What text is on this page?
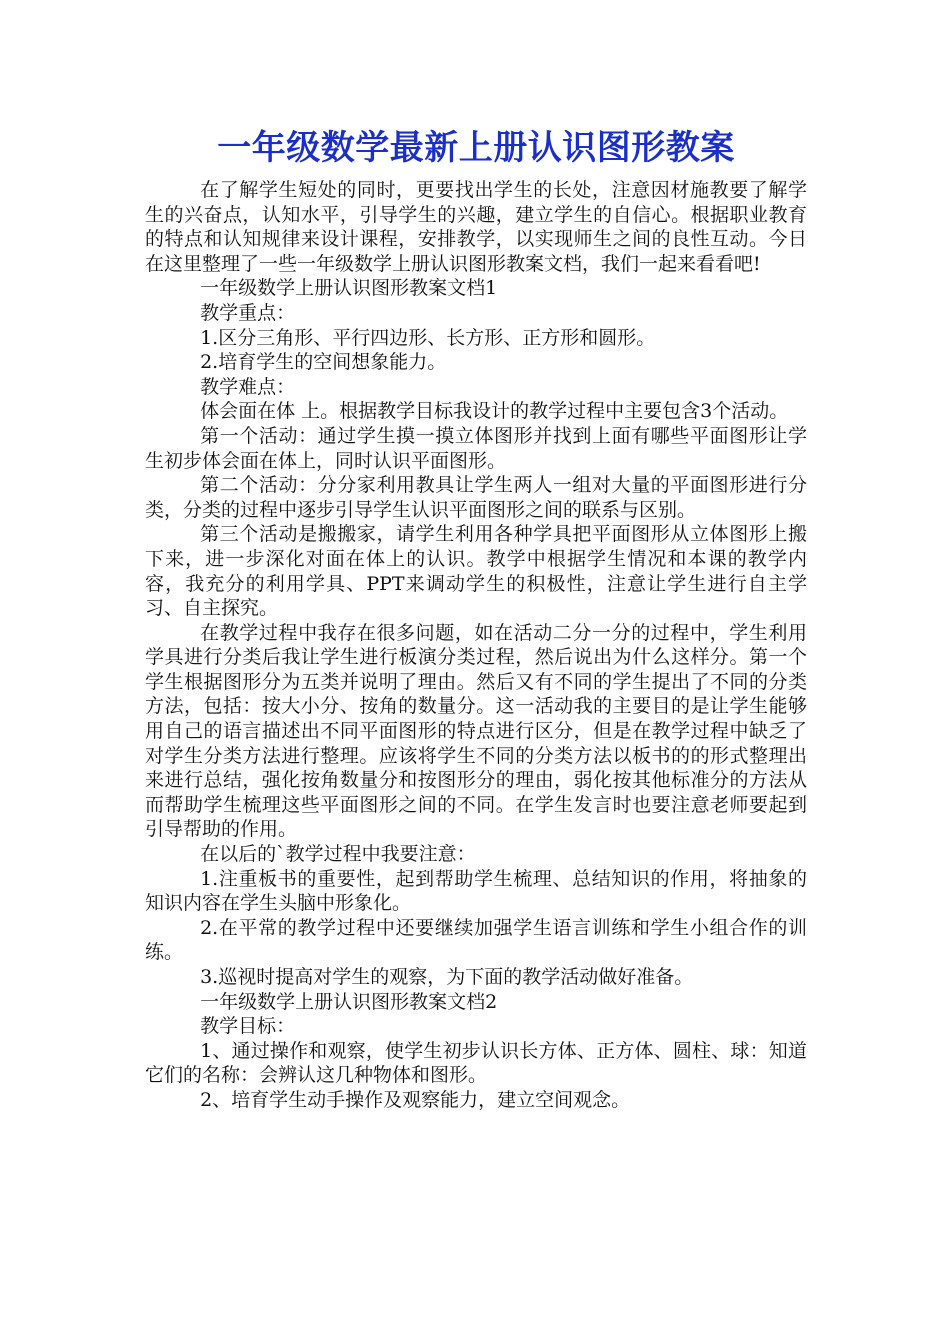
一年级数学最新上册认识图形教案

在了解学生短处的同时，更要找出学生的长处，注意因材施教要了解学生的兴奋点，认知水平，引导学生的兴趣，建立学生的自信心。根据职业教育的特点和认知规律来设计课程，安排教学，以实现师生之间的良性互动。今日在这里整理了一些一年级数学上册认识图形教案文档，我们一起来看看吧!

一年级数学上册认识图形教案文档1

教学重点：

1.区分三角形、平行四边形、长方形、正方形和圆形。

2.培育学生的空间想象能力。

教学难点：

体会面在体 上。根据教学目标我设计的教学过程中主要包含3个活动。

第一个活动：通过学生摸一摸立体图形并找到上面有哪些平面图形让学生初步体会面在体上，同时认识平面图形。

第二个活动：分分家利用教具让学生两人一组对大量的平面图形进行分类，分类的过程中逐步引导学生认识平面图形之间的联系与区别。

第三个活动是搬搬家，请学生利用各种学具把平面图形从立体图形上搬下来，进一步深化对面在体上的认识。教学中根据学生情况和本课的教学内容，我充分的利用学具、PPT来调动学生的积极性，注意让学生进行自主学习、自主探究。

在教学过程中我存在很多问题，如在活动二分一分的过程中，学生利用学具进行分类后我让学生进行板演分类过程，然后说出为什么这样分。第一个学生根据图形分为五类并说明了理由。然后又有不同的学生提出了不同的分类方法，包括：按大小分、按角的数量分。这一活动我的主要目的是让学生能够用自己的语言描述出不同平面图形的特点进行区分，但是在教学过程中缺乏了对学生分类方法进行整理。应该将学生不同的分类方法以板书的的形式整理出来进行总结，强化按角数量分和按图形分的理由，弱化按其他标准分的方法从而帮助学生梳理这些平面图形之间的不同。在学生发言时也要注意老师要起到引导帮助的作用。

在以后的`教学过程中我要注意：

1.注重板书的重要性，起到帮助学生梳理、总结知识的作用，将抽象的知识内容在学生头脑中形象化。

2.在平常的教学过程中还要继续加强学生语言训练和学生小组合作的训练。

3.巡视时提高对学生的观察，为下面的教学活动做好准备。

一年级数学上册认识图形教案文档2

教学目标：

1、通过操作和观察，使学生初步认识长方体、正方体、圆柱、球：知道它们的名称：会辨认这几种物体和图形。

2、培育学生动手操作及观察能力，建立空间观念。
